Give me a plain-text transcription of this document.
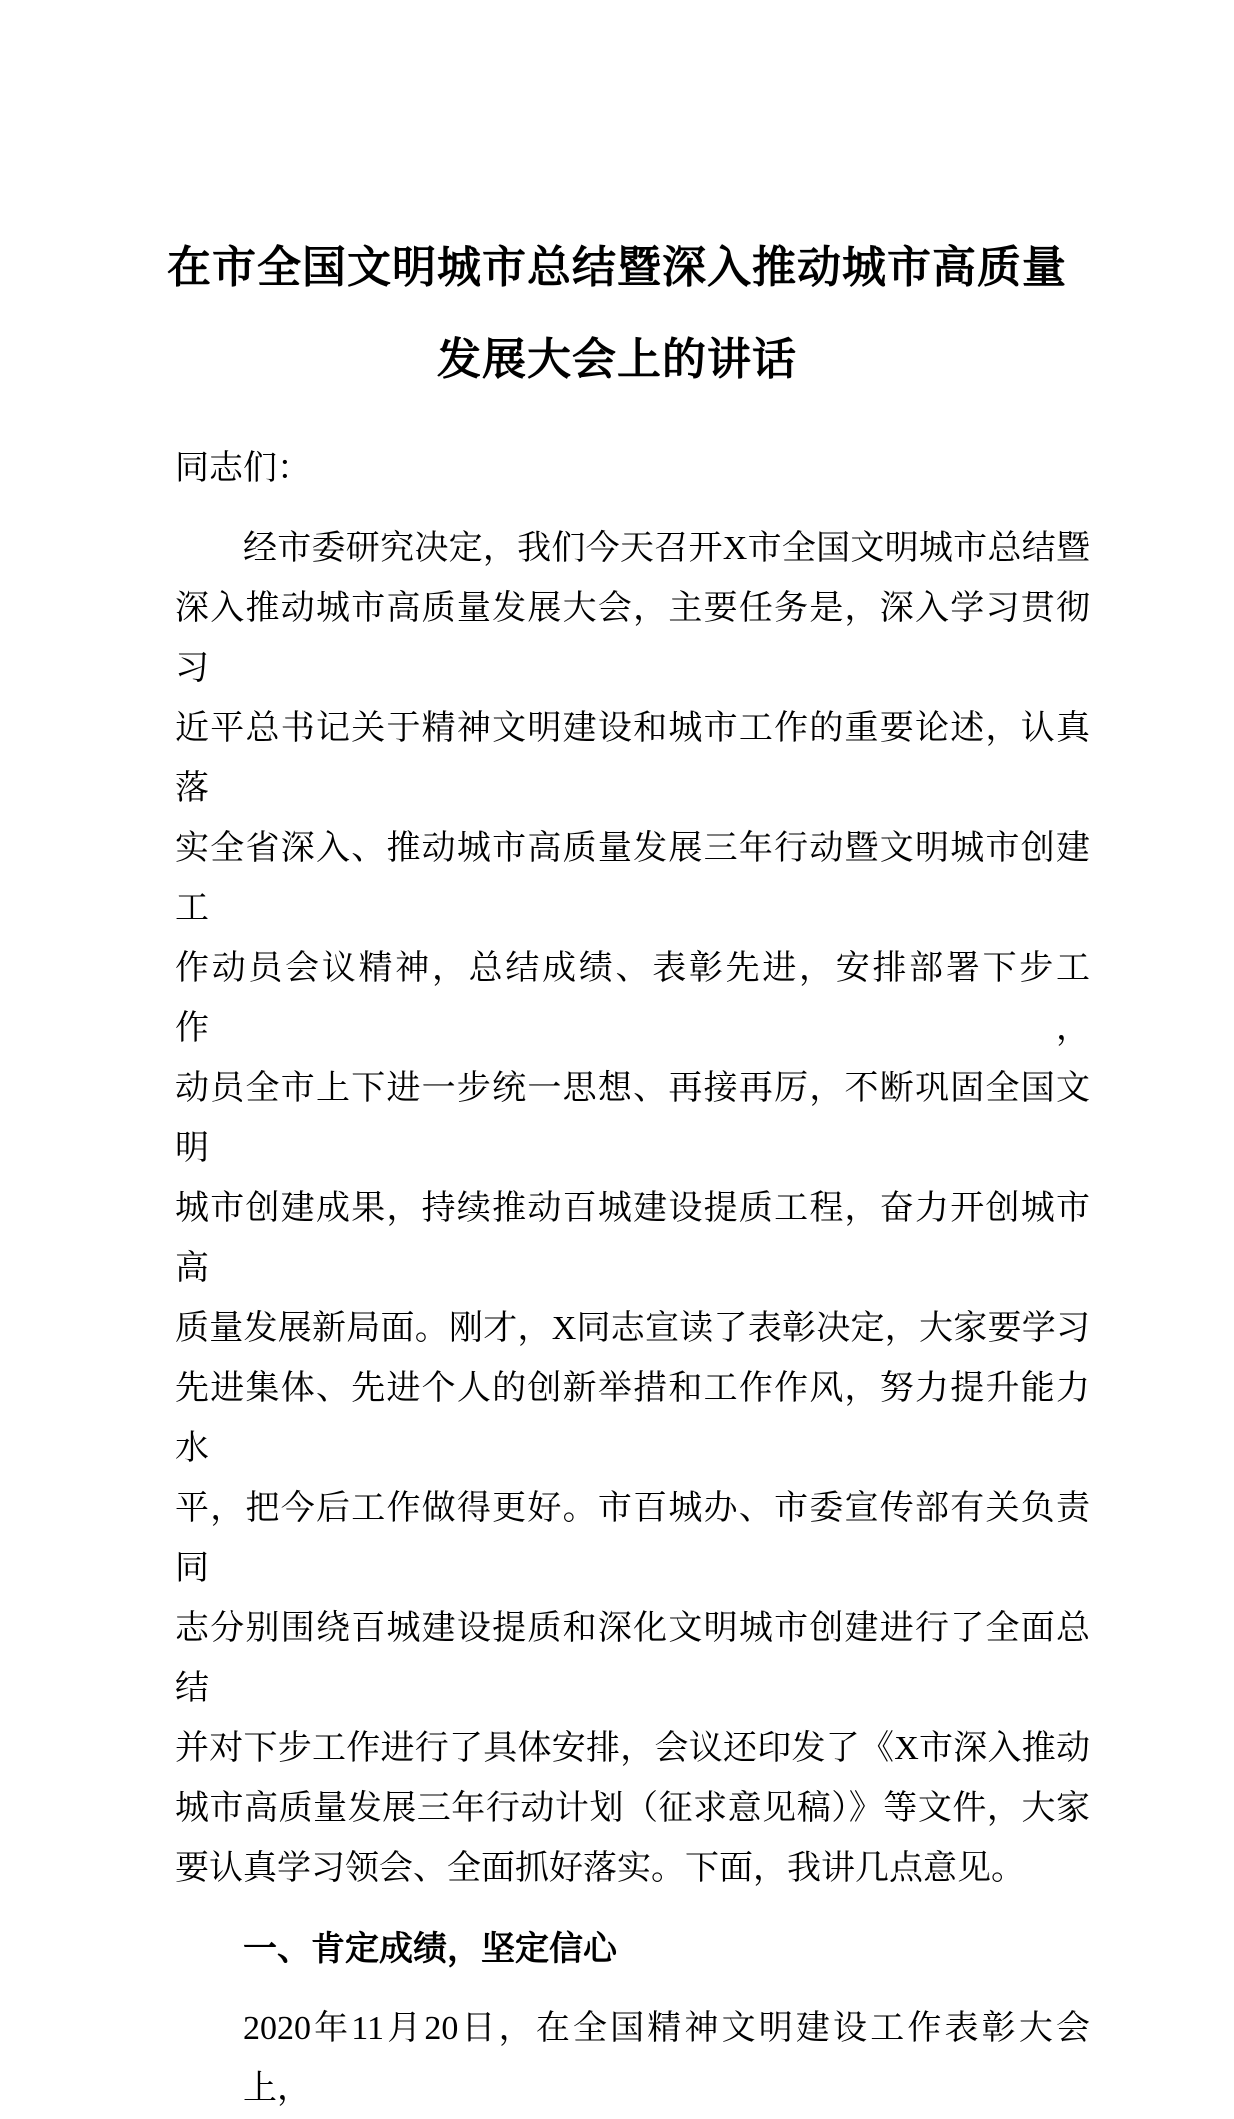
在市全国文明城市总结暨深入推动城市高质量
发展大会上的讲话
同志们：
经市委研究决定，我们今天召开X市全国文明城市总结暨
深入推动城市高质量发展大会，主要任务是，深入学习贯彻习
近平总书记关于精神文明建设和城市工作的重要论述，认真落
实全省深入、推动城市高质量发展三年行动暨文明城市创建工
作动员会议精神，总结成绩、表彰先进，安排部署下步工作，
动员全市上下进一步统一思想、再接再厉，不断巩固全国文明
城市创建成果，持续推动百城建设提质工程，奋力开创城市高
质量发展新局面。刚才，X同志宣读了表彰决定，大家要学习
先进集体、先进个人的创新举措和工作作风，努力提升能力水
平，把今后工作做得更好。市百城办、市委宣传部有关负责同
志分别围绕百城建设提质和深化文明城市创建进行了全面总结
并对下步工作进行了具体安排，会议还印发了《X市深入推动
城市高质量发展三年行动计划（征求意见稿）》等文件，大家
要认真学习领会、全面抓好落实。下面，我讲几点意见。
一、肯定成绩，坚定信心
2020年11月20日，在全国精神文明建设工作表彰大会上，
